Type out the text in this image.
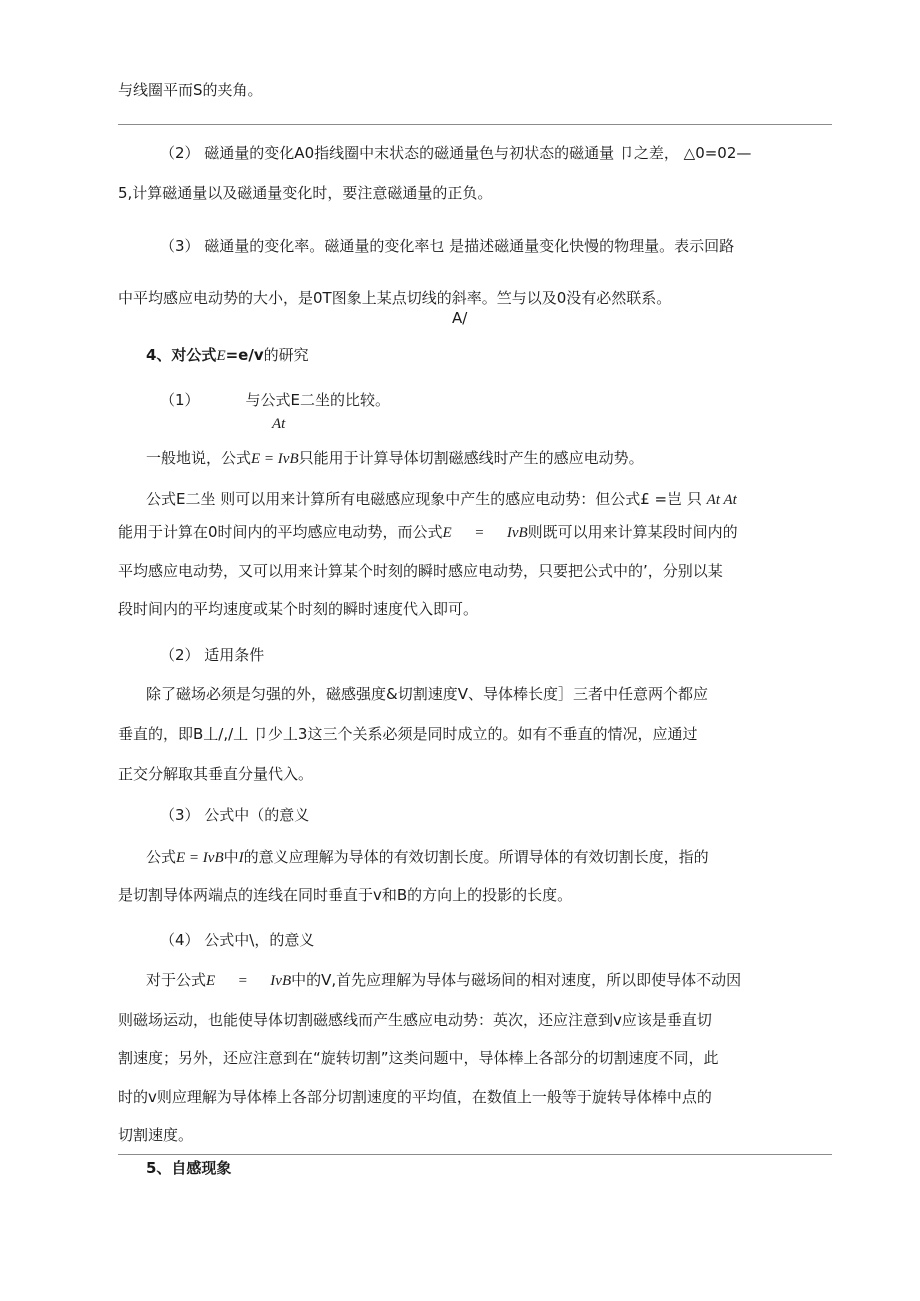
与线圈平而S的夹角。
（2） 磁通量的变化A0指线圈中末状态的磁通量色与初状态的磁通量 卩之差， △0=02—
5,计算磁通量以及磁通量变化时，要注意磁通量的正负。
（3） 磁通量的变化率。磁通量的变化率乜 是描述磁通量变化快慢的物理量。表示回路
中平均感应电动势的大小，是0T图象上某点切线的斜率。竺与以及0没有必然联系。
A/
4、对公式E=e/v的研究
（1）	与公式E二坐的比较。
At
一般地说，公式E = IvB只能用于计算导体切割磁感线时产生的感应电动势。
公式E二坐 则可以用来计算所有电磁感应现象中产生的感应电动势：但公式£ =岂 只 At At
能用于计算在0时间内的平均感应电动势，而公式E      =      IvB则既可以用来计算某段时间内的
平均感应电动势，又可以用来计算某个时刻的瞬时感应电动势，只要把公式中的’，分别以某
段时间内的平均速度或某个时刻的瞬时速度代入即可。
（2） 适用条件
除了磁场必须是匀强的外，磁感强度&切割速度V、导体棒长度］三者中任意两个都应
垂直的，即B丄/,/丄 卩少丄3这三个关系必须是同时成立的。如有不垂直的情况，应通过
正交分解取其垂直分量代入。
（3） 公式中（的意义
公式E = IvB中I的意义应理解为导体的有效切割长度。所谓导体的有效切割长度，指的
是切割导体两端点的连线在同时垂直于v和B的方向上的投影的长度。
（4） 公式中\，的意义
对于公式E      =      IvB中的V,首先应理解为导体与磁场间的相对速度，所以即使导体不动因
则磁场运动，也能使导体切割磁感线而产生感应电动势：英次，还应注意到v应该是垂直切
割速度；另外，还应注意到在“旋转切割”这类问题中，导体棒上各部分的切割速度不同，此
时的v则应理解为导体棒上各部分切割速度的平均值，在数值上一般等于旋转导体棒中点的
切割速度。
5、自感现象
